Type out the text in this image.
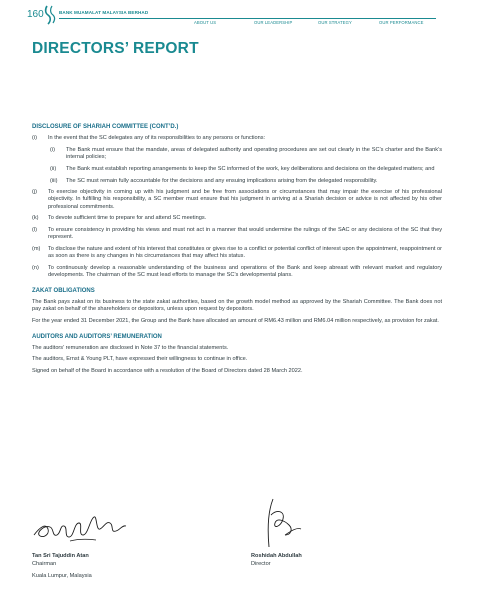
160	BANK MUAMALAT MALAYSIA BERHAD
ABOUT US	OUR LEADERSHIP	OUR STRATEGY	OUR PERFORMANCE
DIRECTORS’ REPORT
DISCLOSURE OF SHARIAH COMMITTEE (CONT’D.)
(i) In the event that the SC delegates any of its responsibilities to any persons or functions:
(i) The Bank must ensure that the mandate, areas of delegated authority and operating procedures are set out clearly in the SC’s charter and the Bank’s internal policies;
(ii) The Bank must establish reporting arrangements to keep the SC informed of the work, key deliberations and decisions on the delegated matters; and
(iii) The SC must remain fully accountable for the decisions and any ensuing implications arising from the delegated responsibility.
(j) To exercise objectivity in coming up with his judgment and be free from associations or circumstances that may impair the exercise of his professional objectivity. In fulfilling his responsibility, a SC member must ensure that his judgment in arriving at a Shariah decision or advice is not affected by his other professional commitments.
(k) To devote sufficient time to prepare for and attend SC meetings.
(l) To ensure consistency in providing his views and must not act in a manner that would undermine the rulings of the SAC or any decisions of the SC that they represent.
(m) To disclose the nature and extent of his interest that constitutes or gives rise to a conflict or potential conflict of interest upon the appointment, reappointment or as soon as there is any changes in his circumstances that may affect his status.
(n) To continuously develop a reasonable understanding of the business and operations of the Bank and keep abreast with relevant market and regulatory developments. The chairman of the SC must lead efforts to manage the SC’s developmental plans.
ZAKAT OBLIGATIONS

The Bank pays zakat on its business to the state zakat authorities, based on the growth model method as approved by the Shariah Committee. The Bank does not pay zakat on behalf of the shareholders or depositors, unless upon request by depositors.

For the year ended 31 December 2021, the Group and the Bank have allocated an amount of RM6.43 million and RM6.04 million respectively, as provision for zakat.

AUDITORS AND AUDITORS’ REMUNERATION

The auditors’ remuneration are disclosed in Note 37 to the financial statements.

The auditors, Ernst & Young PLT, have expressed their willingness to continue in office.

Signed on behalf of the Board in accordance with a resolution of the Board of Directors dated 28 March 2022.

Tan Sri Tajuddin Atan
Chairman
Roshidah Abdullah
Director
Kuala Lumpur, Malaysia
